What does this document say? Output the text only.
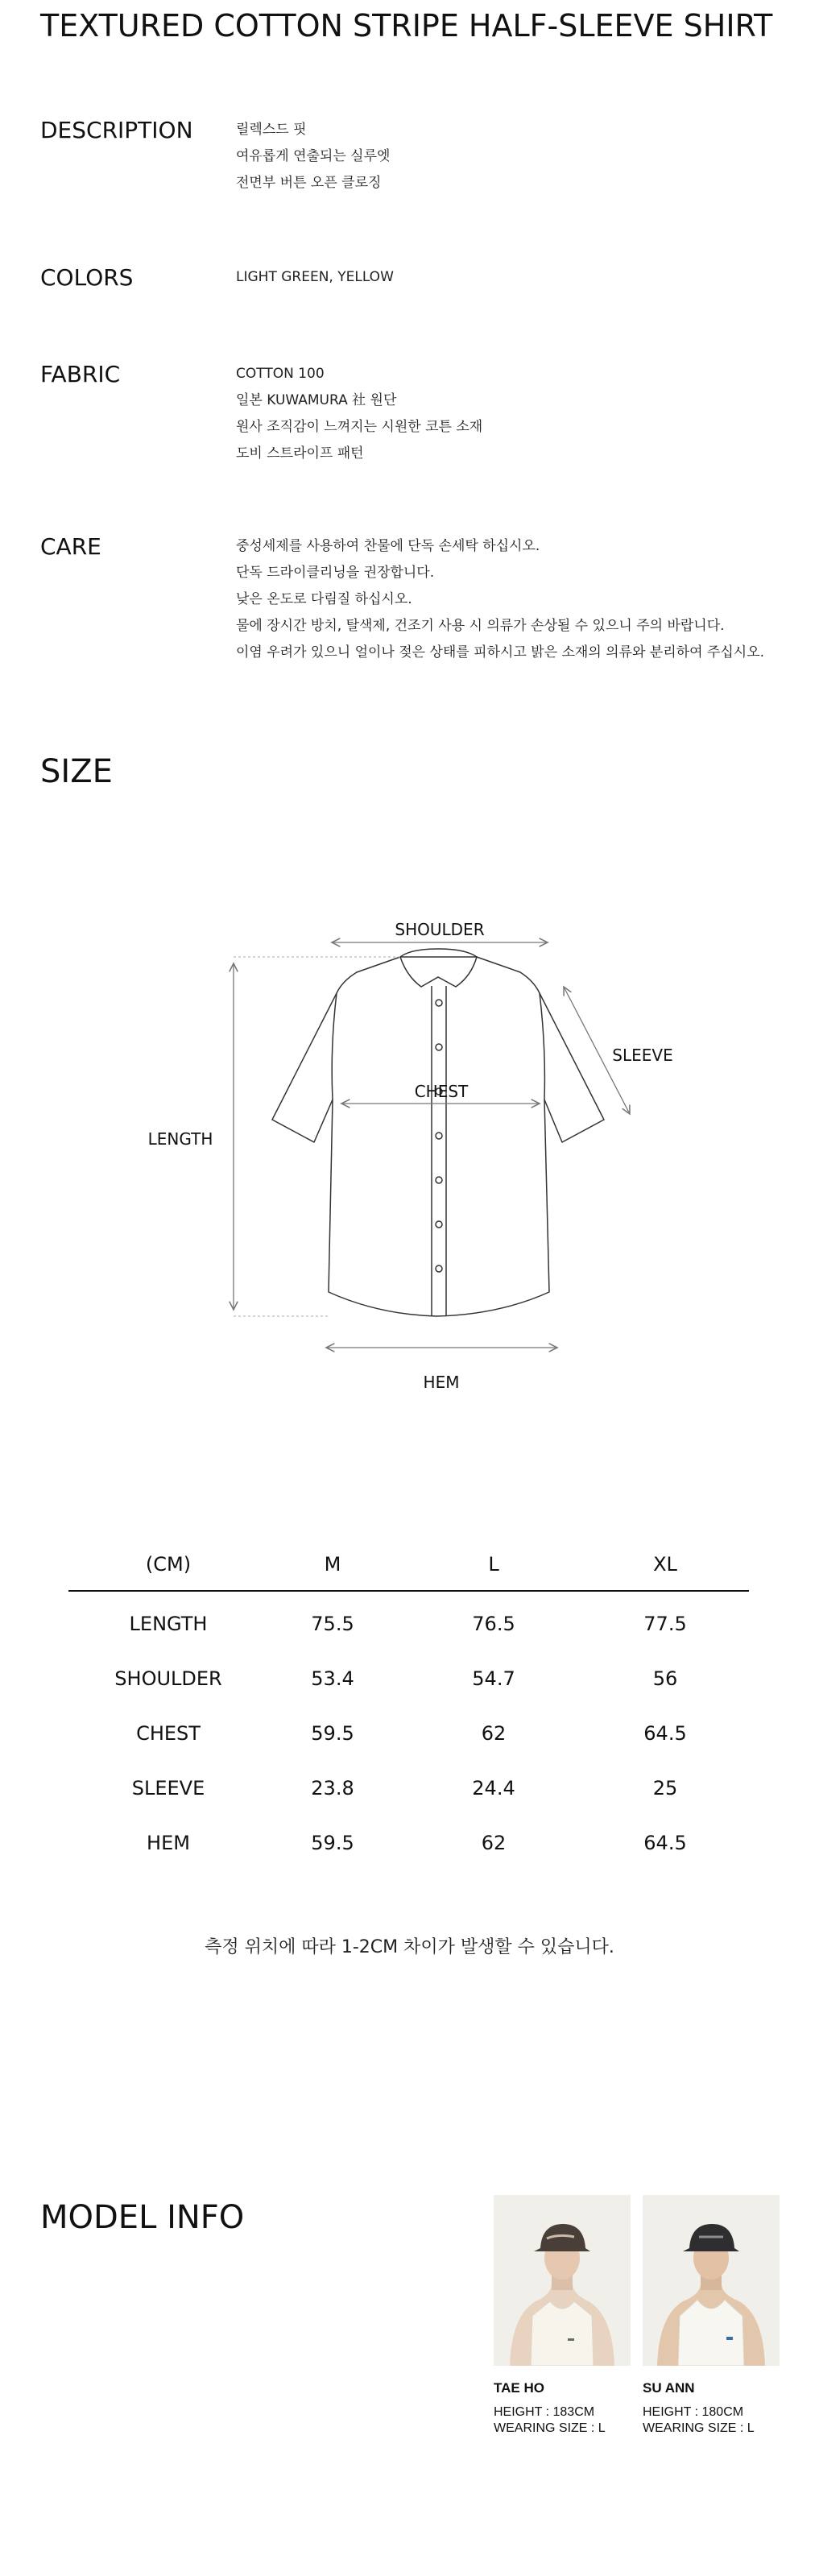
TEXTURED COTTON STRIPE HALF-SLEEVE SHIRT
DESCRIPTION	릴렉스드 핏
여유롭게 연출되는 실루엣
전면부 버튼 오픈 클로징
COLORS	LIGHT GREEN, YELLOW
FABRIC	COTTON 100
일본 KUWAMURA 社 원단
원사 조직감이 느껴지는 시원한 코튼 소재
도비 스트라이프 패턴
CARE	중성세제를 사용하여 찬물에 단독 손세탁 하십시오.
단독 드라이클리닝을 권장합니다.
낮은 온도로 다림질 하십시오.
물에 장시간 방치, 탈색제, 건조기 사용 시 의류가 손상될 수 있으니 주의 바랍니다.
이염 우려가 있으니 얼이나 젖은 상태를 피하시고 밝은 소재의 의류와 분리하여 주십시오.
SIZE
SHOULDER
SLEEVE
CHEST
LENGTH
HEM
(CM)	M	L	XL
LENGTH	75.5	76.5	77.5
SHOULDER	53.4	54.7	56
CHEST	59.5	62	64.5
SLEEVE	23.8	24.4	25
HEM	59.5	62	64.5
측정 위치에 따라 1-2CM 차이가 발생할 수 있습니다.
MODEL INFO
TAE HO
HEIGHT : 183CM
WEARING SIZE : L
SU ANN
HEIGHT : 180CM
WEARING SIZE : L
